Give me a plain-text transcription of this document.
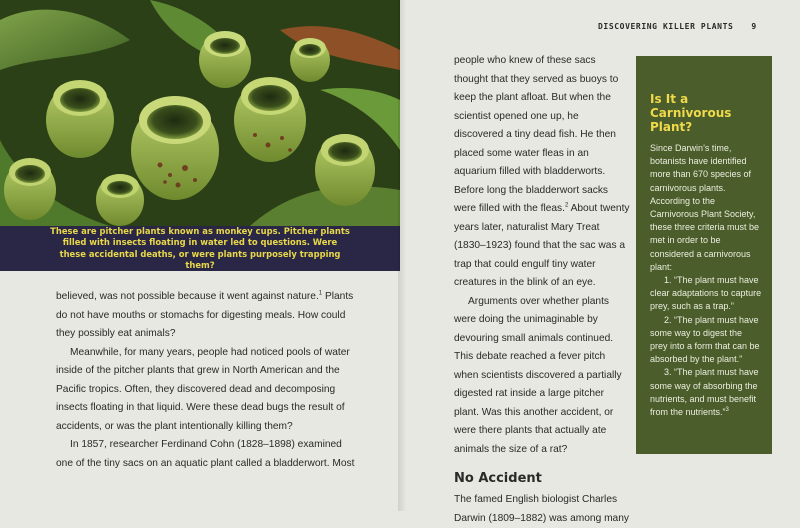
These are pitcher plants known as monkey cups. Pitcher plants filled with insects floating in water led to questions. Were these accidental deaths, or were plants purposely trapping them?

believed, was not possible because it went against nature.$^1$ Plants do not have mouths or stomachs for digesting meals. How could they possibly eat animals?

Meanwhile, for many years, people had noticed pools of water inside of the pitcher plants that grew in North American and the Pacific tropics. Often, they discovered dead and decomposing insects floating in that liquid. Were these dead bugs the result of accidents, or was the plant intentionally killing them?

In 1857, researcher Ferdinand Cohn (1828–1898) examined one of the tiny sacs on an aquatic plant called a bladderwort. Most

DISCOVERING KILLER PLANTS 9

people who knew of these sacs thought that they served as buoys to keep the plant afloat. But when the scientist opened one up, he discovered a tiny dead fish. He then placed some water fleas in an aquarium filled with bladderworts. Before long the bladderwort sacks were filled with the fleas.$^2$ About twenty years later, naturalist Mary Treat (1830–1923) found that the sac was a trap that could engulf tiny water creatures in the blink of an eye.

Arguments over whether plants were doing the unimaginable by devouring small animals continued. This debate reached a fever pitch when scientists discovered a partially digested rat inside a large pitcher plant. Was this another accident, or were there plants that actually ate animals the size of a rat?

No Accident

The famed English biologist Charles Darwin (1809–1882) was among many

Is It a Carnivorous Plant?

Since Darwin’s time, botanists have identified more than 670 species of carnivorous plants. According to the Carnivorous Plant Society, these three criteria must be met in order to be considered a carnivorous plant:

1. “The plant must have clear adaptations to capture prey, such as a trap.”

2. “The plant must have some way to digest the prey into a form that can be absorbed by the plant.”

3. “The plant must have some way of absorbing the nutrients, and must benefit from the nutrients.”$^3$
